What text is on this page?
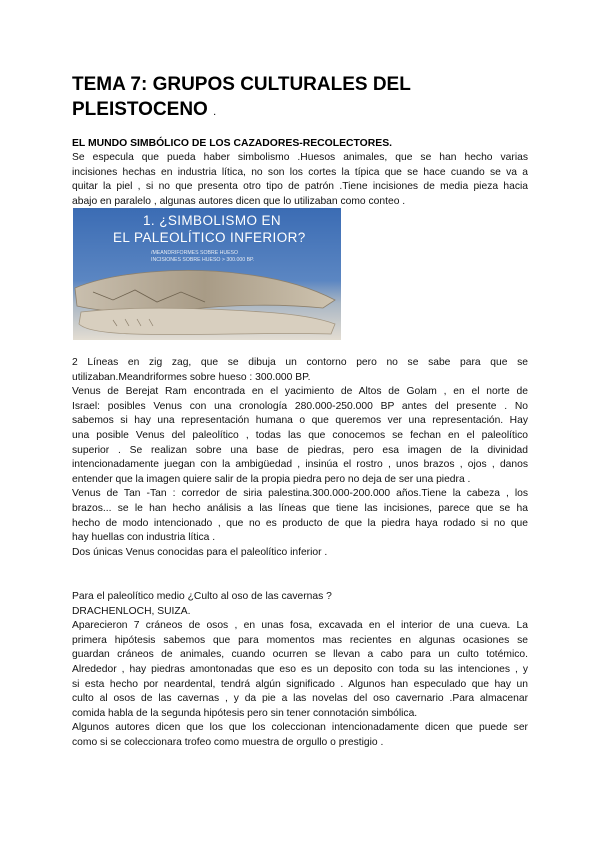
TEMA 7: GRUPOS CULTURALES DEL
PLEISTOCENO .
EL MUNDO SIMBÓLICO DE LOS CAZADORES-RECOLECTORES.

Se especula que pueda haber simbolismo .Huesos animales, que se han hecho varias
incisiones hechas en industria lítica, no son los cortes la típica que se hace cuando se va a
quitar la piel , si no que presenta otro tipo de patrón .Tiene incisiones de media pieza hacia
abajo en paralelo , algunas autores dicen que lo utilizaban como conteo .

1. ¿SIMBOLISMO EN
EL PALEOLÍTICO INFERIOR?
/MEANDRIFORMES SOBRE HUESO
INCISIONES SOBRE HUESO > 300.000 BP.

2 Líneas en zig zag, que se dibuja un contorno pero no se sabe para que se
utilizaban.Meandriformes sobre hueso : 300.000 BP.
Venus de Berejat Ram encontrada en el yacimiento de Altos de Golam , en el norte de
Israel: posibles Venus con una cronología 280.000-250.000 BP antes del presente . No
sabemos si hay una representación humana o que queremos ver una representación. Hay
una posible Venus del paleolítico , todas las que conocemos se fechan en el paleolítico
superior . Se realizan sobre una base de piedras, pero esa imagen de la divinidad
intencionadamente juegan con la ambigüedad , insinúa el rostro , unos brazos , ojos , danos
entender que la imagen quiere salir de la propia piedra pero no deja de ser una piedra .
Venus de Tan -Tan : corredor de siria palestina.300.000-200.000 años.Tiene la cabeza , los
brazos... se le han hecho análisis a las líneas que tiene las incisiones, parece que se ha
hecho de modo intencionado , que no es producto de que la piedra haya rodado si no que
hay huellas con industria lítica .
Dos únicas Venus conocidas para el paleolítico inferior .

Para el paleolítico medio ¿Culto al oso de las cavernas ?
DRACHENLOCH, SUIZA.
Aparecieron 7 cráneos de osos , en unas fosa, excavada en el interior de una cueva. La
primera hipótesis sabemos que para momentos mas recientes en algunas ocasiones se
guardan cráneos de animales, cuando ocurren se llevan a cabo para un culto totémico.
Alrededor , hay piedras amontonadas que eso es un deposito con toda su las intenciones , y
si esta hecho por neardental, tendrá algún significado . Algunos han especulado que hay un
culto al osos de las cavernas , y da pie a las novelas del oso cavernario .Para almacenar
comida habla de la segunda hipótesis pero sin tener connotación simbólica.
Algunos autores dicen que los que los coleccionan intencionadamente dicen que puede ser
como si se coleccionara trofeo como muestra de orgullo o prestigio .
